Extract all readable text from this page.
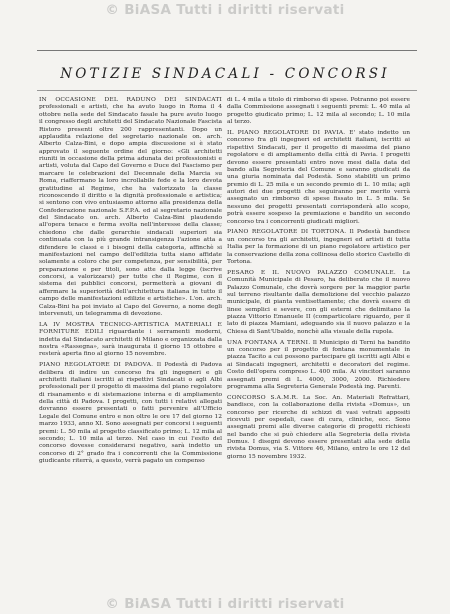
© BiASA Tutti i diritti riservati
NOTIZIE SINDACALI - CONCORSI

IN OCCASIONE DEL RADUNO DEI SINDACATI professionali e artisti, che ha avuto luogo in Roma il 4 ottobre nella sede del Sindacato fasale ha pure avuto luogo il congresso degli architetti del Sindacato Nazionale Fascista Ristoro presenti oltre 200 rappresentanti. Dopo un applaudita relazione del segretario nazionale on. arch. Alberto Calza-Bini, e dopo ampia discussione si è stato approvato il seguente ordine del giorno: «Gli architetti riuniti in occasione della prima adunata dei professionisti e artisti, voluta dal Capo del Governo e Duce del Fascismo per marcare le celebrazioni del Decennale della Marcia su Roma, riaffermano la loro incrollabile fede e la loro devota gratitudine al Regime, che ha valorizzato la classe riconoscendo il diritto e la dignità professionale e artistica; si sentono con vivo entusiasmo attorno alla presidenza della Confederazione nazionale S.F.P.A. ed al segretario nazionale del Sindacato on. arch. Alberto Calza-Bini plaudendo all'opera tenace e ferma svolta nell'interesse della classe; chiedono che dalle gerarchie sindacali superiori sia continuata con la più grande intransigenza l'azione atta a difendere le classi e i bisogni della categoria, affinchè si manifestazioni nel campo dell'edilizia tutta siano affidate solamente a coloro che per competenza, per sensibilità, per preparazione e per titoli, sono atte dalla legge (iscrive concorsi, a valorizzarsi) per tutte che il Regime, con il sistema dei pubblici concorsi, permetterà a giovani di affermare la superiorità dell'architettura italiana in tutto il campo delle manifestazioni edilizie e artistiche». L'on. arch. Calza-Bini ha poi inviato al Capo del Governo, a nome degli intervenuti, un telegramma di devozione.

LA IV MOSTRA TECNICO-ARTISTICA MATERIALI E FORNITURE EDILI riguardante i serramenti moderni, indetta dal Sindacato architetti di Milano e organizzata dalla nostra «Rassegna», sarà inaugurata il giorno 15 ottobre e resterà aperta fino al giorno 15 novembre.

PIANO REGOLATORE DI PADOVA. Il Podestà di Padova delibera di indire un concorso fra gli ingegneri e gli architetti italiani iscritti ai rispettivi Sindacati o agli Albi professionali per il progetto di massima del piano regolatore di risanamento e di sistemazione interna e di ampliamento della città di Padova. I progetti, con tutti i relativi allegati dovranno essere presentati o fatti pervenire all'Ufficio Legale del Comune entro e non oltre le ore 17 del giorno 12 marzo 1933, anno XI. Sono assegnati per concorsi i seguenti premi: L. 50 mila al progetto classificato primo; L. 12 mila al secondo; L. 10 mila al terzo. Nel caso in cui l'esito del concorso dovesse considerarsi negativo, sarà indetto un concorso di 2° grado fra i concorrenti che la Commissione giudicante riterrà, a questo, verrà pagato un compenso

di L. 4 mila a titolo di rimborso di spese. Potranno poi essere dalla Commissione assegnati i seguenti premi: L. 40 mila al progetto giudicato primo; L. 12 mila al secondo; L. 10 mila al terzo.

IL PIANO REGOLATORE DI PAVIA. E' stato indetto un concorso fra gli ingegneri ed architetti italiani, iscritti ai rispettivi Sindacati, per il progetto di massima del piano regolatore e di ampliamento della città di Pavia. I progetti devono essere presentati entro nove mesi dalla data del bando alla Segreteria del Comune e saranno giudicati da una giuria nominata dal Podestà. Sono stabiliti un primo premio di L. 25 mila e un secondo premio di L. 10 mila; agli autori dei due progetti che seguiranno per merito verrà assegnato un rimborso di spese fissato in L. 5 mila. Se nessuno dei progetti presentati corrisponderà allo scopo, potrà essere sospeso la premiazione e bandito un secondo concorso tra i concorrenti giudicati migliori.

PIANO REGOLATORE DI TORTONA. Il Podestà bandisce un concorso tra gli architetti, ingegneri ed artisti di tutta Italia per la formazione di un piano regolatore artistico per la conservazione della zona collinosa dello storico Castello di Tortona.

PESARO E IL NUOVO PALAZZO COMUNALE. La Comunità Municipale di Pesaro, ha deliberato che il nuovo Palazzo Comunale, che dovrà sorgere per la maggior parte sul terreno risultante dalla demolizione del vecchio palazzo municipale, di pianta ventisettamente; che dovrà essere di linee semplici e severe, con gli esterni che delimitano la piazza Vittorio Emanuele II (comparticolare riguardo, per il lato di piazza Mamiani, adeguando sia il nuovo palazzo e la Chiesa di Sant'Ubaldo, nonchè alla visuale della rupola.

UNA FONTANA A TERNI. Il Municipio di Terni ha bandito un concorso per il progetto di fontana monumentale in piazza Tacito a cui possono partecipare gli iscritti agli Albi e ai Sindacati ingegneri, architetti e decoratori del regime. Costo dell'opera compreso L. 400 mila. Ai vincitori saranno assegnati premi di L. 4000, 3000, 2000. Richiedere programma alla Segreteria Generale Podestà ing. Parenti.

CONCORSO S.A.M.R. La Soc. An. Materiali Refrattari, bandisce, con la collaborazione della rivista «Domus», un concorso per ricerche di schizzi di vasi vetrati appositi ricevuti per ospedali, case di cura, cliniche, ecc. Sono assegnati premi alle diverse categorie di progetti richiesti nel bando che si può chiedere alla Segreteria della rivista Domus. I disegni devono essere presentati alla sede della rivista Domus, via S. Vittore 46, Milano, entro le ore 12 del giorno 15 novembre 1932.

© BiASA Tutti i diritti riservati
